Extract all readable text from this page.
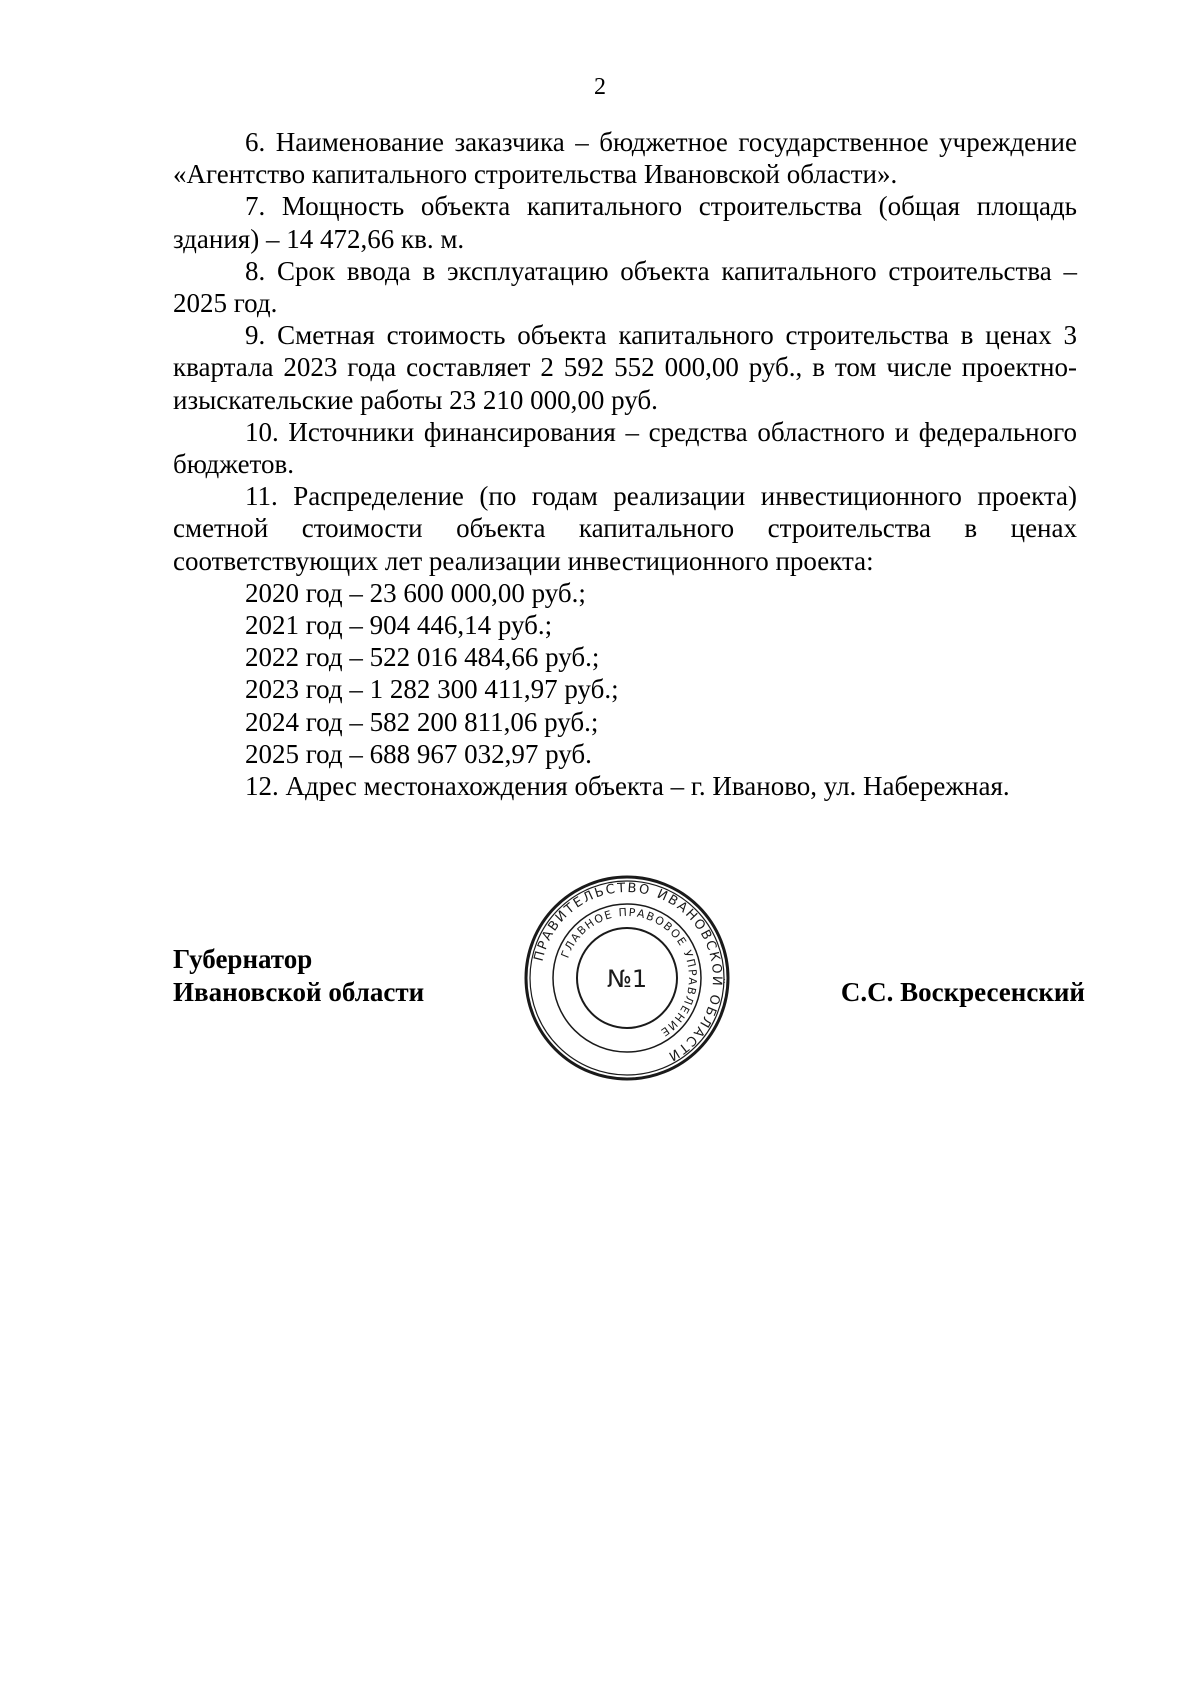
2

6. Наименование заказчика – бюджетное государственное учреждение «Агентство капитального строительства Ивановской области».

7. Мощность объекта капитального строительства (общая площадь здания) – 14 472,66 кв. м.

8. Срок ввода в эксплуатацию объекта капитального строительства – 2025 год.

9. Сметная стоимость объекта капитального строительства в ценах 3 квартала 2023 года составляет 2 592 552 000,00 руб., в том числе проектно-изыскательские работы 23 210 000,00 руб.

10. Источники финансирования – средства областного и федерального бюджетов.

11. Распределение (по годам реализации инвестиционного проекта) сметной стоимости объекта капитального строительства в ценах соответствующих лет реализации инвестиционного проекта:

2020 год – 23 600 000,00 руб.;

2021 год – 904 446,14 руб.;

2022 год – 522 016 484,66 руб.;

2023 год – 1 282 300 411,97 руб.;

2024 год – 582 200 811,06 руб.;

2025 год – 688 967 032,97 руб.

12. Адрес местонахождения объекта – г. Иваново, ул. Набережная.

Губернатор
Ивановской области	С.С. Воскресенский
ПРАВИТЕЛЬСТВО ИВАНОВСКОЙ ОБЛАСТИ
ГЛАВНОЕ ПРАВОВОЕ УПРАВЛЕНИЕ
№1
